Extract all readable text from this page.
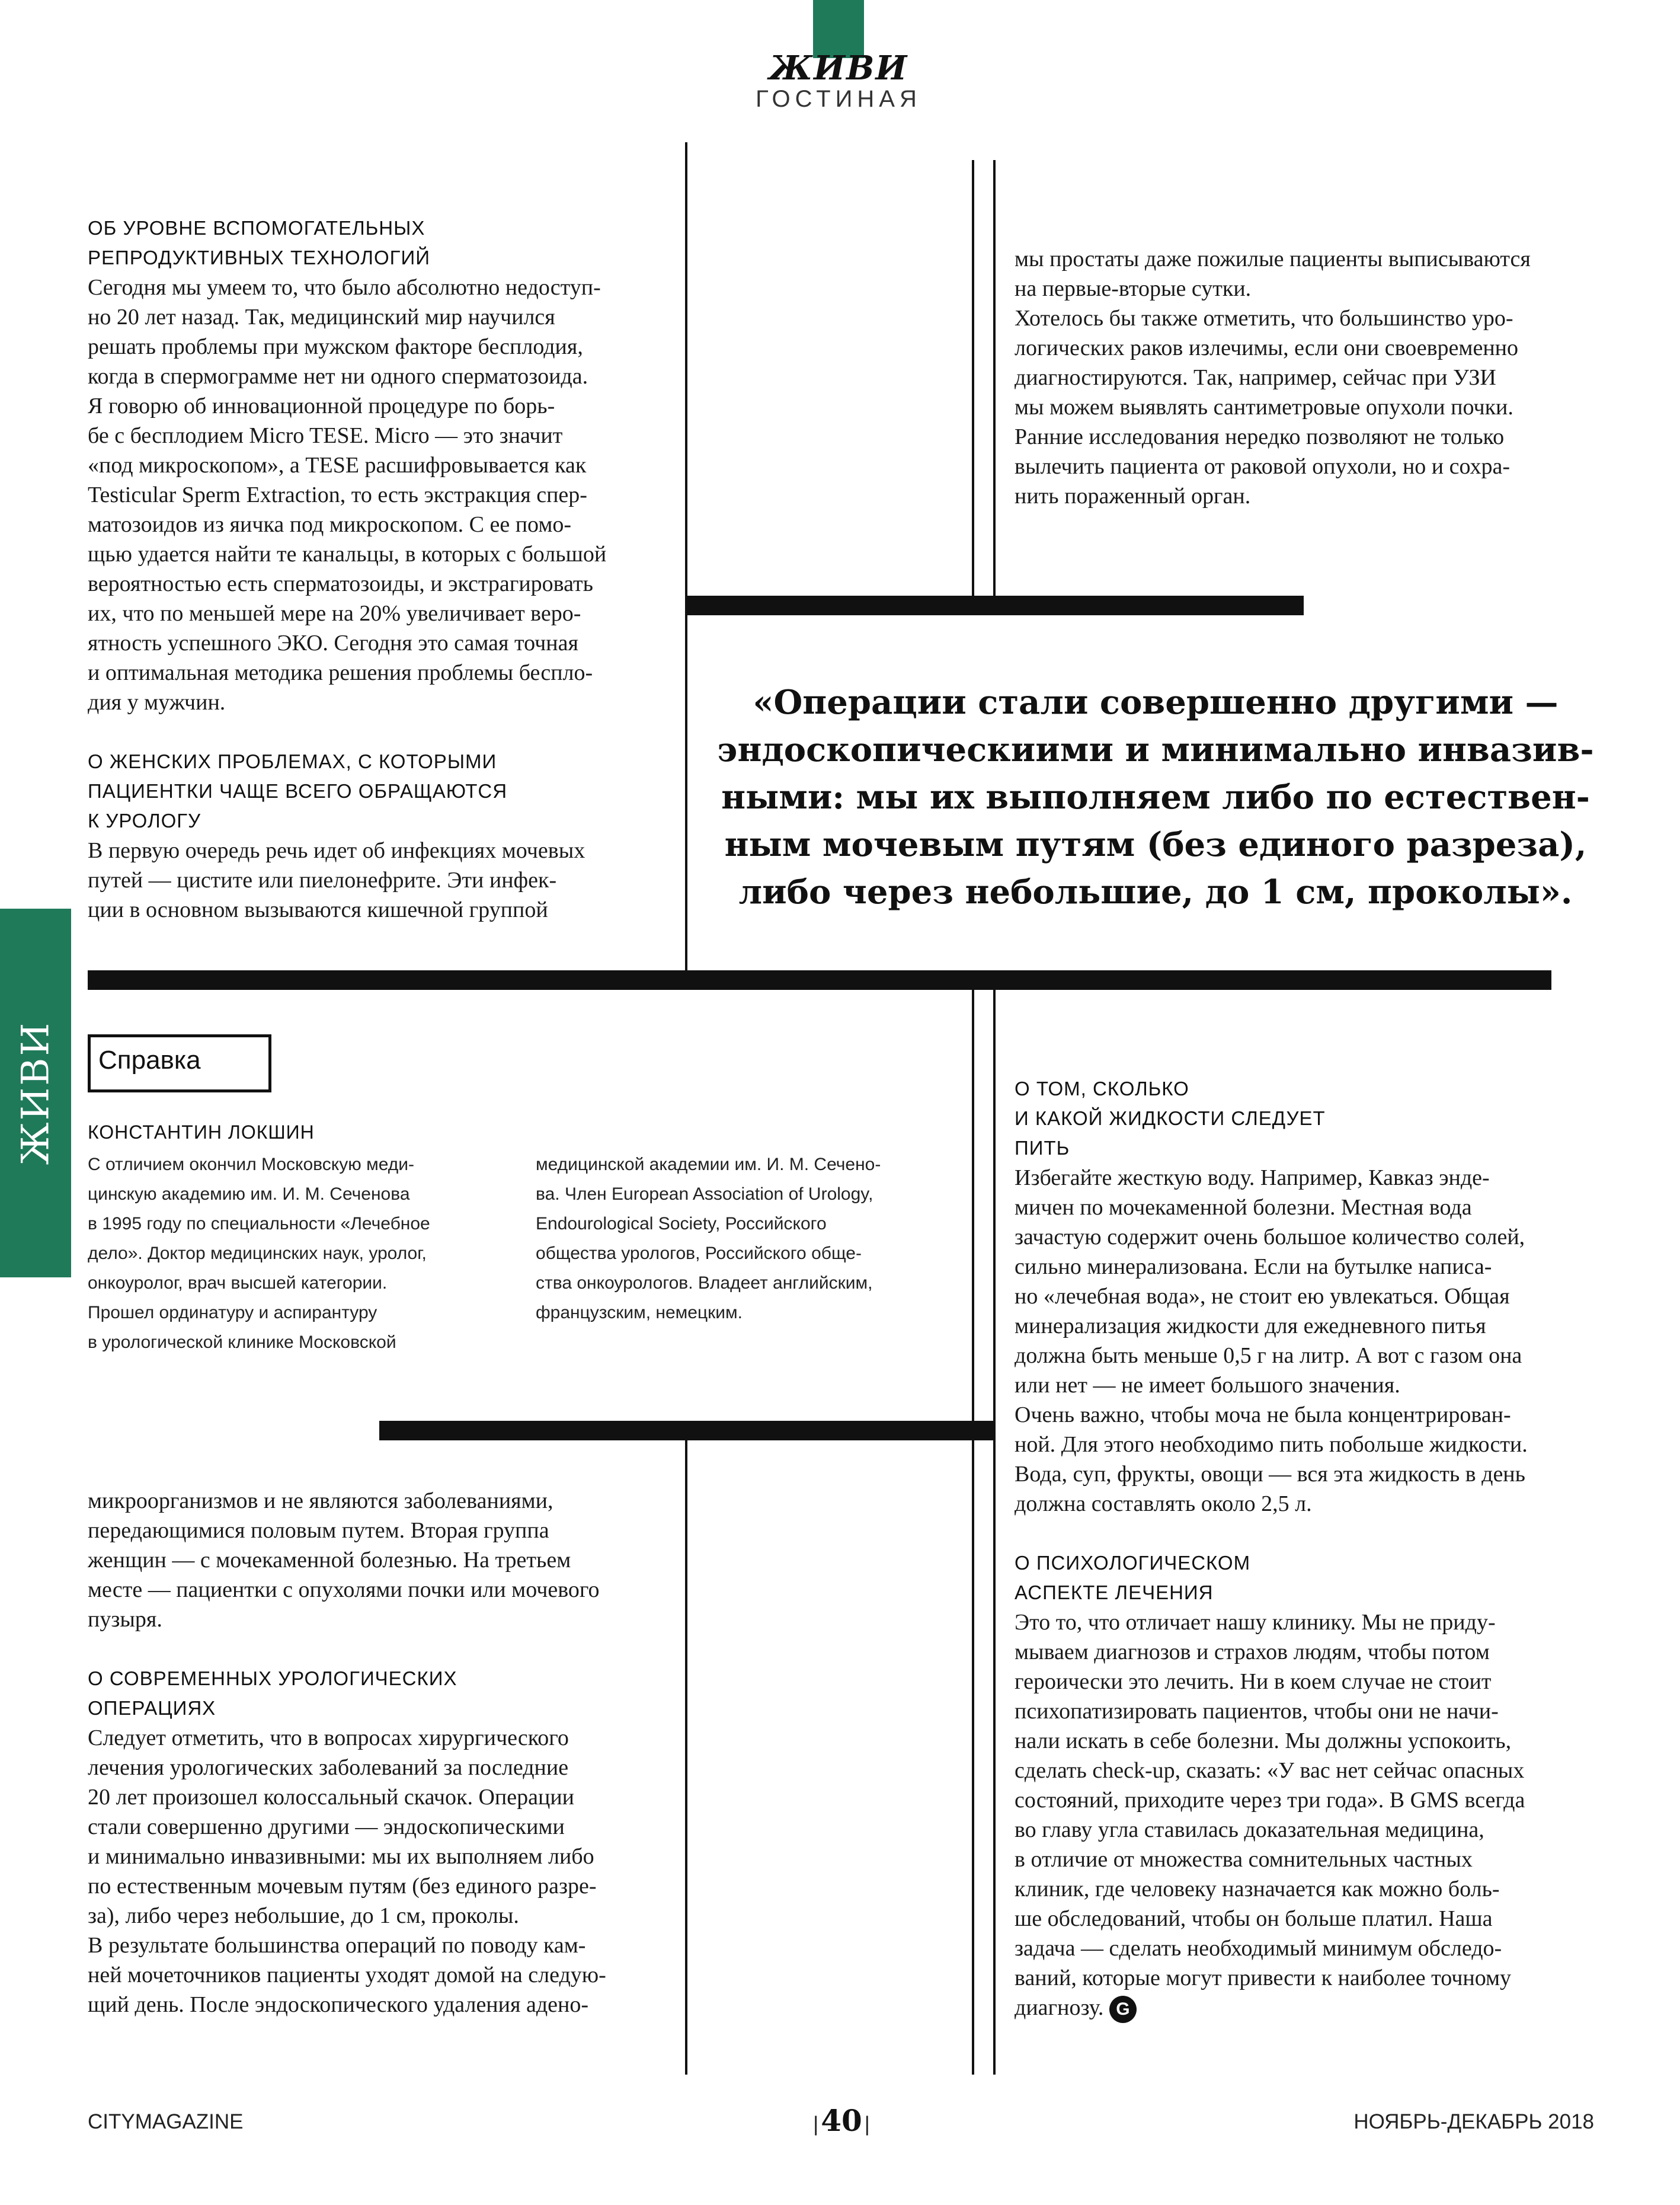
ЖИВИ
ГОСТИНАЯ
ЖИВИ

ОБ УРОВНЕ ВСПОМОГАТЕЛЬНЫХ

РЕПРОДУКТИВНЫХ ТЕХНОЛОГИЙ

Сегодня мы умеем то, что было абсолютно недоступ-

но 20 лет назад. Так, медицинский мир научился

решать проблемы при мужском факторе бесплодия,

когда в спермограмме нет ни одного сперматозоида.

Я говорю об инновационной процедуре по борь-

бе с бесплодием Micro TESE. Micro — это значит

«под микроскопом», а TESE расшифровывается как

Testicular Sperm Extraction, то есть экстракция спер-

матозоидов из яичка под микроскопом. С ее помо-

щью удается найти те канальцы, в которых с большой

вероятностью есть сперматозоиды, и экстрагировать

их, что по меньшей мере на 20% увеличивает веро-

ятность успешного ЭКО. Сегодня это самая точная

и оптимальная методика решения проблемы беспло-

дия у мужчин.

О ЖЕНСКИХ ПРОБЛЕМАХ, С КОТОРЫМИ

ПАЦИЕНТКИ ЧАЩЕ ВСЕГО ОБРАЩАЮТСЯ

К УРОЛОГУ

В первую очередь речь идет об инфекциях мочевых

путей — цистите или пиелонефрите. Эти инфек-

ции в основном вызываются кишечной группой

мы простаты даже пожилые пациенты выписываются

на первые-вторые сутки.

Хотелось бы также отметить, что большинство уро-

логических раков излечимы, если они своевременно

диагностируются. Так, например, сейчас при УЗИ

мы можем выявлять сантиметровые опухоли почки.

Ранние исследования нередко позволяют не только

вылечить пациента от раковой опухоли, но и сохра-

нить пораженный орган.

«Операции стали совершенно другими —

эндоскопическиими и минимально инвазив-

ными: мы их выполняем либо по естествен-

ным мочевым путям (без единого разреза),

либо через небольшие, до 1 см, проколы».

Справка
КОНСТАНТИН ЛОКШИН

С отличием окончил Московскую меди-

цинскую академию им. И. М. Сеченова

в 1995 году по специальности «Лечебное

дело». Доктор медицинских наук, уролог,

онкоуролог, врач высшей категории.

Прошел ординатуру и аспирантуру

в урологической клинике Московской

медицинской академии им. И. М. Сечено-

ва. Член European Association of Urology,

Endourological Society, Российского

общества урологов, Российского обще-

ства онкоурологов. Владеет английским,

французским, немецким.

микроорганизмов и не являются заболеваниями,

передающимися половым путем. Вторая группа

женщин — с мочекаменной болезнью. На третьем

месте — пациентки с опухолями почки или мочевого

пузыря.

О СОВРЕМЕННЫХ УРОЛОГИЧЕСКИХ

ОПЕРАЦИЯХ

Следует отметить, что в вопросах хирургического

лечения урологических заболеваний за последние

20 лет произошел колоссальный скачок. Операции

стали совершенно другими — эндоскопическими

и минимально инвазивными: мы их выполняем либо

по естественным мочевым путям (без единого разре-

за), либо через небольшие, до 1 см, проколы.

В результате большинства операций по поводу кам-

ней мочеточников пациенты уходят домой на следую-

щий день. После эндоскопического удаления адено-

О ТОМ, СКОЛЬКО

И КАКОЙ ЖИДКОСТИ СЛЕДУЕТ

ПИТЬ

Избегайте жесткую воду. Например, Кавказ энде-

мичен по мочекаменной болезни. Местная вода

зачастую содержит очень большое количество солей,

сильно минерализована. Если на бутылке написа-

но «лечебная вода», не стоит ею увлекаться. Общая

минерализация жидкости для ежедневного питья

должна быть меньше 0,5 г на литр. А вот с газом она

или нет — не имеет большого значения.

Очень важно, чтобы моча не была концентрирован-

ной. Для этого необходимо пить побольше жидкости.

Вода, суп, фрукты, овощи — вся эта жидкость в день

должна составлять около 2,5 л.

О ПСИХОЛОГИЧЕСКОМ

АСПЕКТЕ ЛЕЧЕНИЯ

Это то, что отличает нашу клинику. Мы не приду-

мываем диагнозов и страхов людям, чтобы потом

героически это лечить. Ни в коем случае не стоит

психопатизировать пациентов, чтобы они не начи-

нали искать в себе болезни. Мы должны успокоить,

сделать check-up, сказать: «У вас нет сейчас опасных

состояний, приходите через три года». В GMS всегда

во главу угла ставилась доказательная медицина,

в отличие от множества сомнительных частных

клиник, где человеку назначается как можно боль-

ше обследований, чтобы он больше платил. Наша

задача — сделать необходимый минимум обследо-

ваний, которые могут привести к наиболее точному

диагнозу. G

CITYMAGAZINE	| 40 |	НОЯБРЬ-ДЕКАБРЬ 2018
